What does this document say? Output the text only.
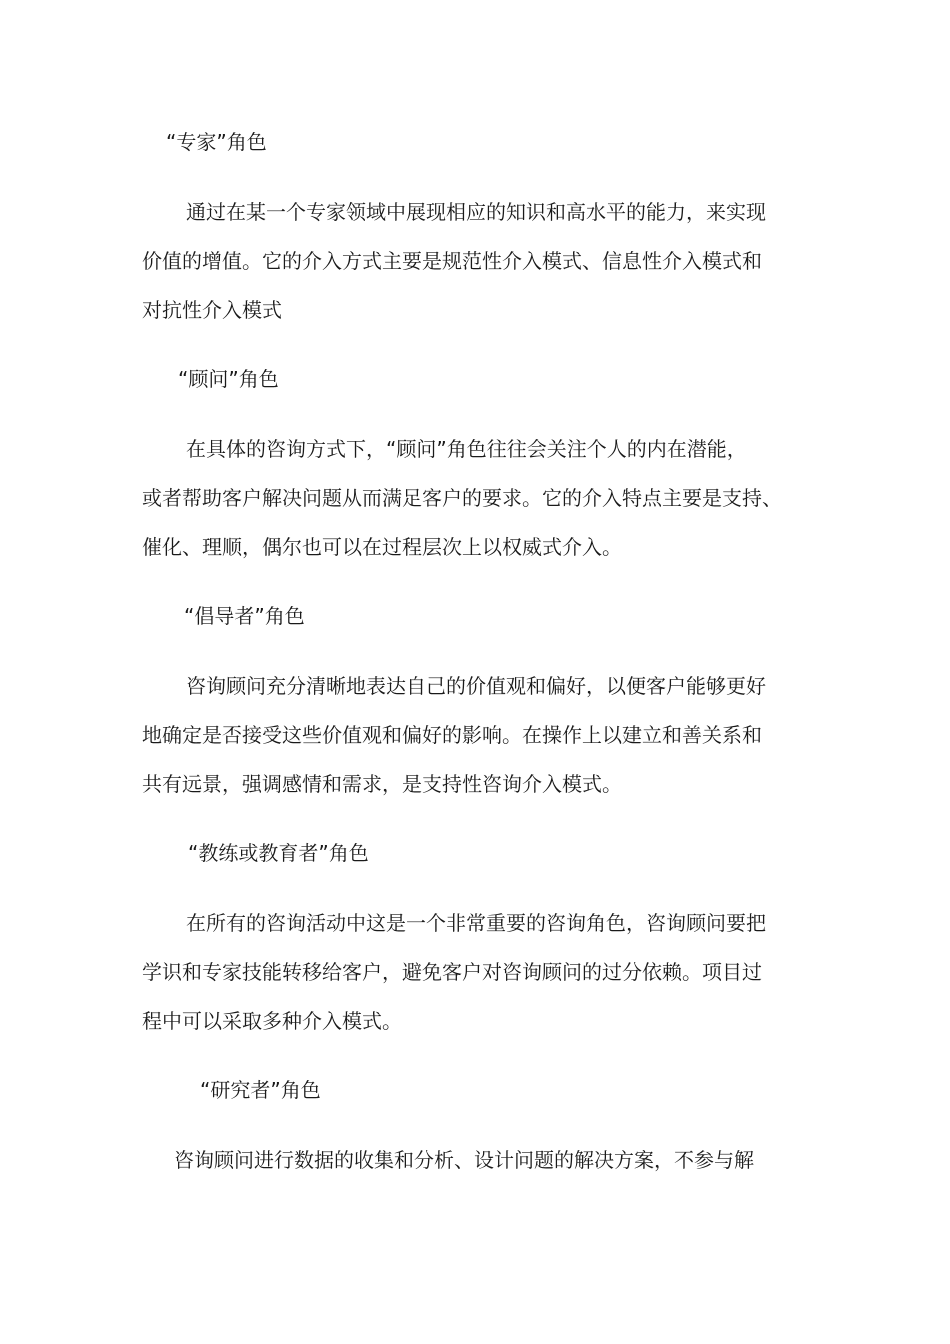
“专家”角色

通过在某一个专家领域中展现相应的知识和高水平的能力，来实现

价值的增值。它的介入方式主要是规范性介入模式、信息性介入模式和

对抗性介入模式

“顾问”角色

在具体的咨询方式下，“顾问”角色往往会关注个人的内在潜能，

或者帮助客户解决问题从而满足客户的要求。它的介入特点主要是支持、

催化、理顺，偶尔也可以在过程层次上以权威式介入。

“倡导者”角色

咨询顾问充分清晰地表达自己的价值观和偏好，以便客户能够更好

地确定是否接受这些价值观和偏好的影响。在操作上以建立和善关系和

共有远景，强调感情和需求，是支持性咨询介入模式。

“教练或教育者”角色

在所有的咨询活动中这是一个非常重要的咨询角色，咨询顾问要把

学识和专家技能转移给客户，避免客户对咨询顾问的过分依赖。项目过

程中可以采取多种介入模式。

“研究者”角色

咨询顾问进行数据的收集和分析、设计问题的解决方案，不参与解
